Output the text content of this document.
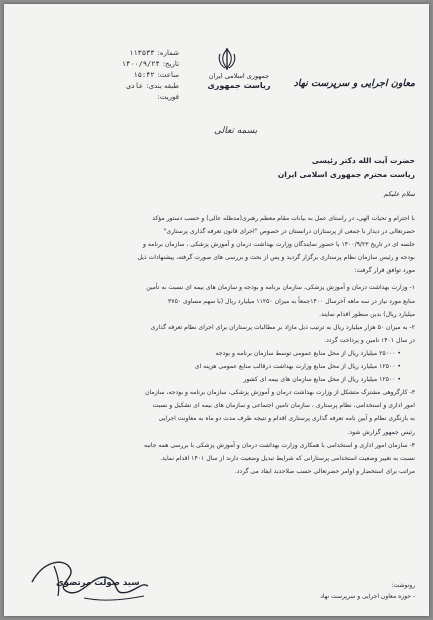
شماره:
۱۱۳۵۳۳
تاریخ:
۱۴۰۰/۹/۲۴
ساعت:
۱۵:۴۲
طبقه بندی:
عادی
فوریت:
جمهوری اسلامی ایران
ریاست جمهوری
بسمه تعالی
معاون اجرایی و سرپرست نهاد
حضرت آیت الله دکتر رئیسی
ریاست محترم جمهوری اسلامی ایران
سلام علیکم

با احترام و تحیات الهی، در راستای عمل به بیانات مقام معظم رهبری(مدظله عالی) و حسب دستور مؤکد

حضرتعالی در دیدار با جمعی از پرستاران درانستان در خصوص "اجرای قانون تعرفه گذاری پرستاری"

جلسه ای در تاریخ ۱۴۰۰/۹/۲۳ با حضور نمایندگان وزارت بهداشت درمان و آموزش پزشکی ، سازمان برنامه و

بودجه و رئیس سازمان نظام پرستاری برگزار گردید و پس از بحث و بررسی های صورت گرفته، پیشنهادات ذیل

مورد توافق قرار گرفت:

۱- وزارت بهداشت درمان و آموزش پزشکی، سازمان برنامه و بودجه و سازمان های بیمه ای نسبت به تأمین

منابع مورد نیاز در سه ماهه آخرسال ۱۴۰۰جمعاً به میزان ۱۱۲۵۰ میلیارد ریال (با سهم مساوی ۳۷۵۰

میلیارد ریال) بدین منظور اقدام نمایند.

۲- به میزان ۵۰ هزار میلیارد ریال به ترتیب ذیل مازاد بر مطالبات پرستاران برای اجرای نظام تعرفه گذاری

در سال ۱۴۰۱ تامین و پرداخت گردد.

• ۲۵۰۰۰ میلیارد ریال از محل منابع عمومی توسط سازمان برنامه و بودجه

• ۱۲۵۰۰ میلیارد ریال از محل منابع وزارت بهداشت درقالب منابع عمومی هزینه ای

• ۱۲۵۰۰ میلیارد ریال از محل منابع سازمان های بیمه ای کشور

۳- کارگروهی مشترک متشکل از وزارت بهداشت درمان و آموزش پزشکی، سازمان برنامه و بودجه، سازمان

امور اداری و استخدامی، نظام پرستاری ، سازمان تامین اجتماعی و سازمان های بیمه ای تشکیل و نسبت

به بازنگری نظام و آیین نامه تعرفه گذاری پرستاری اقدام و نتیجه ظرف مدت دو ماه به معاونت اجرایی

رئیس جمهور گزارش شود.

۴- سازمان امور اداری و استخدامی با همکاری وزارت بهداشت درمان و آموزش پزشکی با بررسی همه جانبه

نسبت به تغییر وضعیت استخدامی پرستارانی که شرایط تبدیل وضعیت دارند از سال ۱۴۰۱ اقدام نماید.

مراتب برای استحضار و اوامر حضرتعالی حسب صلاحدید ایفاد می گردد.

سید صولت مرتضوی	رونوشت:
- حوزه معاون اجرایی و سرپرست نهاد
